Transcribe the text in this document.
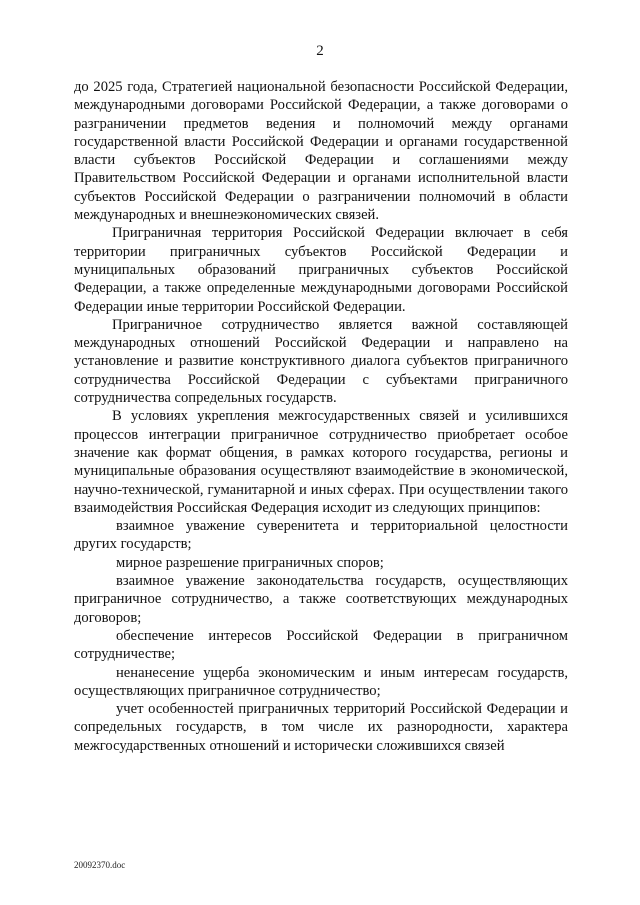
2

до 2025 года, Стратегией национальной безопасности Российской Федерации, международными договорами Российской Федерации, а также договорами о разграничении предметов ведения и полномочий между органами государственной власти Российской Федерации и органами государственной власти субъектов Российской Федерации и соглашениями между Правительством Российской Федерации и органами исполнительной власти субъектов Российской Федерации о разграничении полномочий в области международных и внешнеэкономических связей.

Приграничная территория Российской Федерации включает в себя территории приграничных субъектов Российской Федерации и муниципальных образований приграничных субъектов Российской Федерации, а также определенные международными договорами Российской Федерации иные территории Российской Федерации.

Приграничное сотрудничество является важной составляющей международных отношений Российской Федерации и направлено на установление и развитие конструктивного диалога субъектов приграничного сотрудничества Российской Федерации с субъектами приграничного сотрудничества сопредельных государств.

В условиях укрепления межгосударственных связей и усилившихся процессов интеграции приграничное сотрудничество приобретает особое значение как формат общения, в рамках которого государства, регионы и муниципальные образования осуществляют взаимодействие в экономической, научно-технической, гуманитарной и иных сферах. При осуществлении такого взаимодействия Российская Федерация исходит из следующих принципов:

взаимное уважение суверенитета и территориальной целостности других государств;

мирное разрешение приграничных споров;

взаимное уважение законодательства государств, осуществляющих приграничное сотрудничество, а также соответствующих международных договоров;

обеспечение интересов Российской Федерации в приграничном сотрудничестве;

ненанесение ущерба экономическим и иным интересам государств, осуществляющих приграничное сотрудничество;

учет особенностей приграничных территорий Российской Федерации и сопредельных государств, в том числе их разнородности, характера межгосударственных отношений и исторически сложившихся связей

20092370.doc
